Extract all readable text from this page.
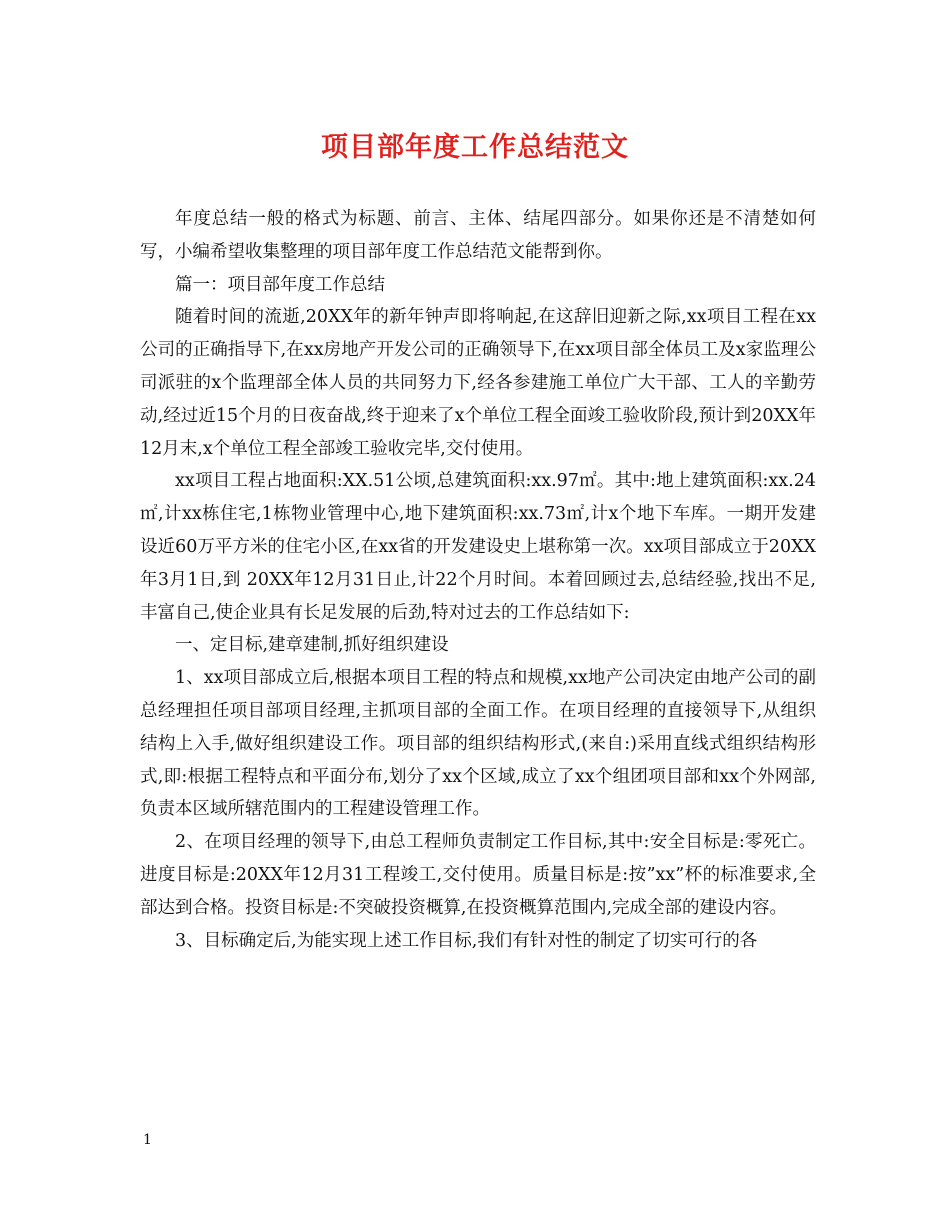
项目部年度工作总结范文

年度总结一般的格式为标题、前言、主体、结尾四部分。如果你还是不清楚如何写，小编希望收集整理的项目部年度工作总结范文能帮到你。

篇一：项目部年度工作总结

随着时间的流逝,20XX年的新年钟声即将响起,在这辞旧迎新之际,xx项目工程在xx公司的正确指导下,在xx房地产开发公司的正确领导下,在xx项目部全体员工及x家监理公司派驻的x个监理部全体人员的共同努力下,经各参建施工单位广大干部、工人的辛勤劳动,经过近15个月的日夜奋战,终于迎来了x个单位工程全面竣工验收阶段,预计到20XX年12月末,x个单位工程全部竣工验收完毕,交付使用。

xx项目工程占地面积:XX.51公顷,总建筑面积:xx.97㎡。其中:地上建筑面积:xx.24㎡,计xx栋住宅,1栋物业管理中心,地下建筑面积:xx.73㎡,计x个地下车库。一期开发建设近60万平方米的住宅小区,在xx省的开发建设史上堪称第一次。xx项目部成立于20XX年3月1日,到 20XX年12月31日止,计22个月时间。本着回顾过去,总结经验,找出不足,丰富自己,使企业具有长足发展的后劲,特对过去的工作总结如下:

一、定目标,建章建制,抓好组织建设

1、xx项目部成立后,根据本项目工程的特点和规模,xx地产公司决定由地产公司的副总经理担任项目部项目经理,主抓项目部的全面工作。在项目经理的直接领导下,从组织结构上入手,做好组织建设工作。项目部的组织结构形式,(来自:)采用直线式组织结构形式,即:根据工程特点和平面分布,划分了xx个区域,成立了xx个组团项目部和xx个外网部,负责本区域所辖范围内的工程建设管理工作。

2、在项目经理的领导下,由总工程师负责制定工作目标,其中:安全目标是:零死亡。进度目标是:20XX年12月31工程竣工,交付使用。质量目标是:按”xx”杯的标准要求,全部达到合格。投资目标是:不突破投资概算,在投资概算范围内,完成全部的建设内容。

3、目标确定后,为能实现上述工作目标,我们有针对性的制定了切实可行的各

1
